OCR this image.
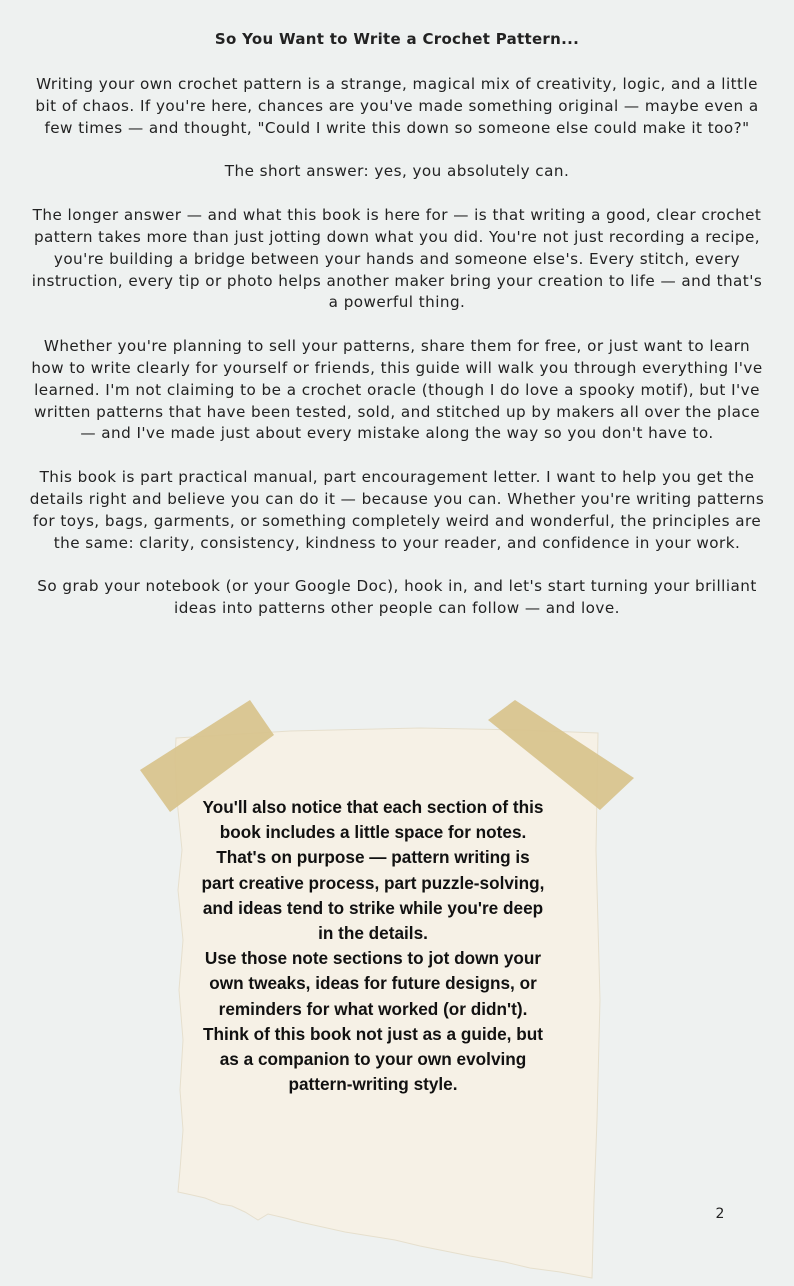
So You Want to Write a Crochet Pattern...

Writing your own crochet pattern is a strange, magical mix of creativity, logic, and a little bit of chaos. If you're here, chances are you've made something original — maybe even a few times — and thought, "Could I write this down so someone else could make it too?"

The short answer: yes, you absolutely can.

The longer answer — and what this book is here for — is that writing a good, clear crochet pattern takes more than just jotting down what you did. You're not just recording a recipe, you're building a bridge between your hands and someone else's. Every stitch, every instruction, every tip or photo helps another maker bring your creation to life — and that's a powerful thing.

Whether you're planning to sell your patterns, share them for free, or just want to learn how to write clearly for yourself or friends, this guide will walk you through everything I've learned. I'm not claiming to be a crochet oracle (though I do love a spooky motif), but I've written patterns that have been tested, sold, and stitched up by makers all over the place — and I've made just about every mistake along the way so you don't have to.

This book is part practical manual, part encouragement letter. I want to help you get the details right and believe you can do it — because you can. Whether you're writing patterns for toys, bags, garments, or something completely weird and wonderful, the principles are the same: clarity, consistency, kindness to your reader, and confidence in your work.

So grab your notebook (or your Google Doc), hook in, and let's start turning your brilliant ideas into patterns other people can follow — and love.

You'll also notice that each section of this book includes a little space for notes.

That's on purpose — pattern writing is part creative process, part puzzle-solving, and ideas tend to strike while you're deep in the details.

Use those note sections to jot down your own tweaks, ideas for future designs, or reminders for what worked (or didn't).

Think of this book not just as a guide, but as a companion to your own evolving pattern-writing style.

2
